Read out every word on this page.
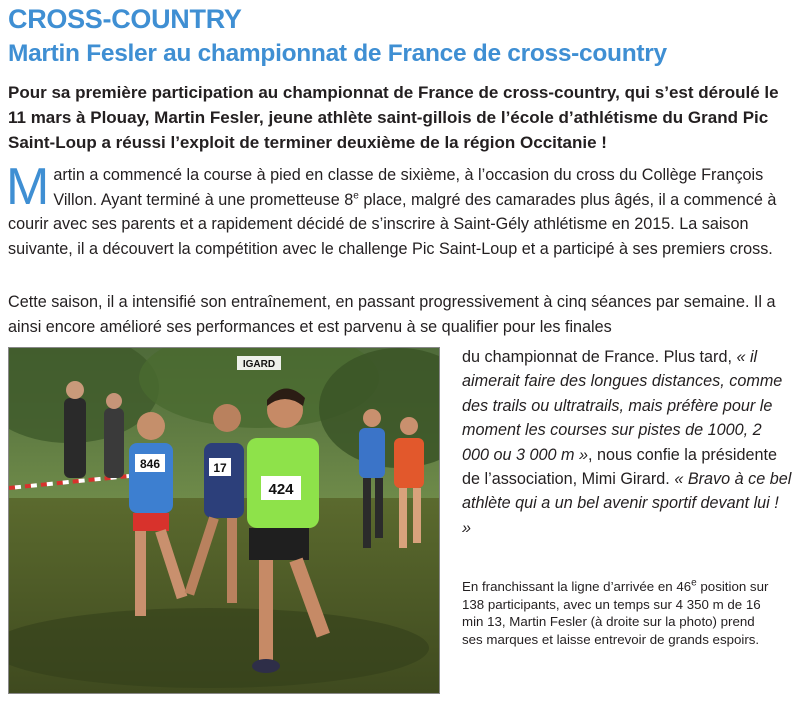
CROSS-COUNTRY
Martin Fesler au championnat de France de cross-country
Pour sa première participation au championnat de France de cross-country, qui s’est déroulé le 11 mars à Plouay, Martin Fesler, jeune athlète saint-gillois de l’école d’athlétisme du Grand Pic Saint-Loup a réussi l’exploit de terminer deuxième de la région Occitanie !
Martin a commencé la course à pied en classe de sixième, à l’occasion du cross du Collège François Villon. Ayant terminé à une prometteuse 8e place, malgré des camarades plus âgés, il a commencé à courir avec ses parents et a rapidement décidé de s’inscrire à Saint-Gély athlétisme en 2015. La saison suivante, il a découvert la compétition avec le challenge Pic Saint-Loup et a participé à ses premiers cross.
Cette saison, il a intensifié son entraînement, en passant progressivement à cinq séances par semaine. Il a ainsi encore amélioré ses performances et est parvenu à se qualifier pour les finales
846	17
424
IGARD	du championnat de France. Plus tard, « il aimerait faire des longues distances, comme des trails ou ultratrails, mais préfère pour le moment les courses sur pistes de 1000, 2 000 ou 3 000 m », nous confie la présidente de l’association, Mimi Girard. « Bravo à ce bel athlète qui a un bel avenir sportif devant lui ! »
En franchissant la ligne d’arrivée en 46e position sur 138 participants, avec un temps sur 4 350 m de 16 min 13, Martin Fesler (à droite sur la photo) prend ses marques et laisse entrevoir de grands espoirs.
